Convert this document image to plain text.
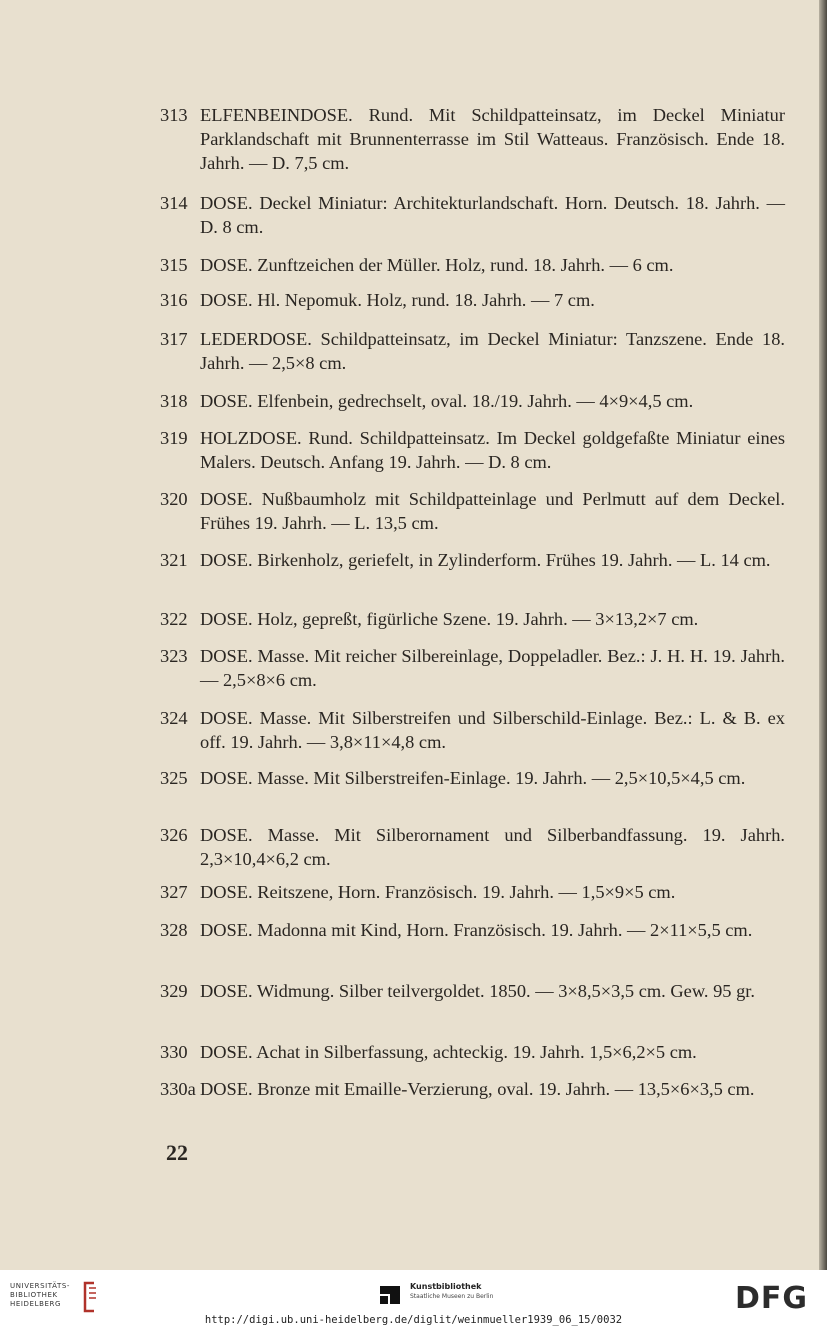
313 ELFENBEINDOSE. Rund. Mit Schildpatteinsatz, im Deckel Miniatur Parklandschaft mit Brunnenterrasse im Stil Watteaus. Französisch. Ende 18. Jahrh. — D. 7,5 cm.
314 DOSE. Deckel Miniatur: Architekturlandschaft. Horn. Deutsch. 18. Jahrh. — D. 8 cm.
315 DOSE. Zunftzeichen der Müller. Holz, rund. 18. Jahrh. — 6 cm.
316 DOSE. Hl. Nepomuk. Holz, rund. 18. Jahrh. — 7 cm.
317 LEDERDOSE. Schildpatteinsatz, im Deckel Miniatur: Tanzszene. Ende 18. Jahrh. — 2,5×8 cm.
318 DOSE. Elfenbein, gedrechselt, oval. 18./19. Jahrh. — 4×9×4,5 cm.
319 HOLZDOSE. Rund. Schildpatteinsatz. Im Deckel goldgefaßte Miniatur eines Malers. Deutsch. Anfang 19. Jahrh. — D. 8 cm.
320 DOSE. Nußbaumholz mit Schildpatteinlage und Perlmutt auf dem Deckel. Frühes 19. Jahrh. — L. 13,5 cm.
321 DOSE. Birkenholz, geriefelt, in Zylinderform. Frühes 19. Jahrh. — L. 14 cm.
322 DOSE. Holz, gepreßt, figürliche Szene. 19. Jahrh. — 3×13,2×7 cm.
323 DOSE. Masse. Mit reicher Silbereinlage, Doppeladler. Bez.: J. H. H. 19. Jahrh. — 2,5×8×6 cm.
324 DOSE. Masse. Mit Silberstreifen und Silberschild-Einlage. Bez.: L. & B. ex off. 19. Jahrh. — 3,8×11×4,8 cm.
325 DOSE. Masse. Mit Silberstreifen-Einlage. 19. Jahrh. — 2,5×10,5×4,5 cm.
326 DOSE. Masse. Mit Silberornament und Silberbandfassung. 19. Jahrh. 2,3×10,4×6,2 cm.
327 DOSE. Reitszene, Horn. Französisch. 19. Jahrh. — 1,5×9×5 cm.
328 DOSE. Madonna mit Kind, Horn. Französisch. 19. Jahrh. — 2×11×5,5 cm.
329 DOSE. Widmung. Silber teilvergoldet. 1850. — 3×8,5×3,5 cm. Gew. 95 gr.
330 DOSE. Achat in Silberfassung, achteckig. 19. Jahrh. 1,5×6,2×5 cm.
330a DOSE. Bronze mit Emaille-Verzierung, oval. 19. Jahrh. — 13,5×6×3,5 cm.
22
UNIVERSITÄTS-
BIBLIOTHEK
HEIDELBERG
Kunstbibliothek
Staatliche Museen zu Berlin	DFG
http://digi.ub.uni-heidelberg.de/diglit/weinmueller1939_06_15/0032
